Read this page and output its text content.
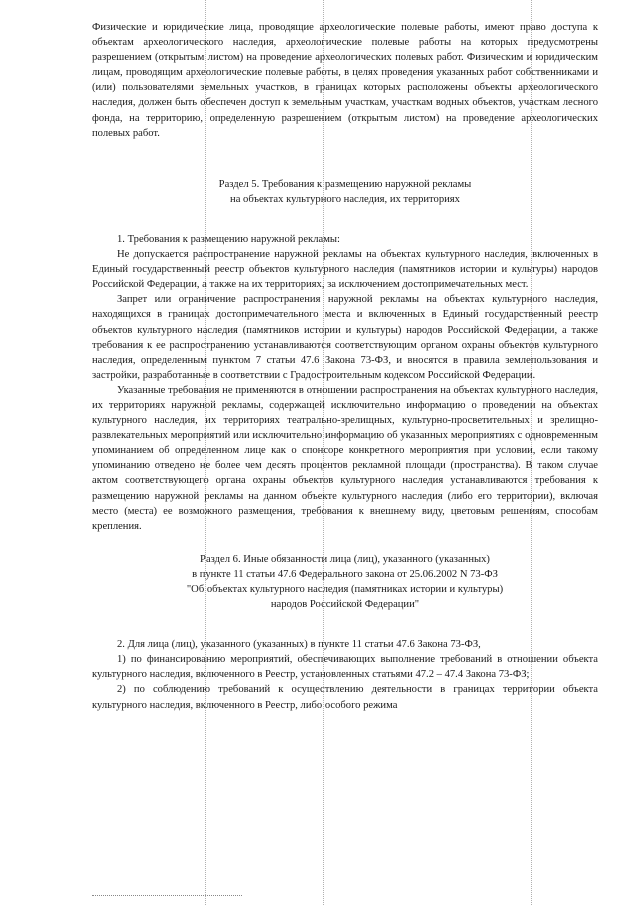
Физические и юридические лица, проводящие археологические полевые работы, имеют право доступа к объектам археологического наследия, археологические полевые работы на которых предусмотрены разрешением (открытым листом) на проведение археологических полевых работ. Физическим и юридическим лицам, проводящим археологические полевые работы, в целях проведения указанных работ собственниками и (или) пользователями земельных участков, в границах которых расположены объекты археологического наследия, должен быть обеспечен доступ к земельным участкам, участкам водных объектов, участкам лесного фонда, на территорию, определенную разрешением (открытым листом) на проведение археологических полевых работ.

Раздел 5. Требования к размещению наружной рекламы
на объектах культурного наследия, их территориях

1. Требования к размещению наружной рекламы:

Не допускается распространение наружной рекламы на объектах культурного наследия, включенных в Единый государственный реестр объектов культурного наследия (памятников истории и культуры) народов Российской Федерации, а также на их территориях, за исключением достопримечательных мест.

Запрет или ограничение распространения наружной рекламы на объектах культурного наследия, находящихся в границах достопримечательного места и включенных в Единый государственный реестр объектов культурного наследия (памятников истории и культуры) народов Российской Федерации, а также требования к ее распространению устанавливаются соответствующим органом охраны объектов культурного наследия, определенным пунктом 7 статьи 47.6 Закона 73-ФЗ, и вносятся в правила землепользования и застройки, разработанные в соответствии с Градостроительным кодексом Российской Федерации.

Указанные требования не применяются в отношении распространения на объектах культурного наследия, их территориях наружной рекламы, содержащей исключительно информацию о проведении на объектах культурного наследия, их территориях театрально-зрелищных, культурно-просветительных и зрелищно-развлекательных мероприятий или исключительно информацию об указанных мероприятиях с одновременным упоминанием об определенном лице как о спонсоре конкретного мероприятия при условии, если такому упоминанию отведено не более чем десять процентов рекламной площади (пространства). В таком случае актом соответствующего органа охраны объектов культурного наследия устанавливаются требования к размещению наружной рекламы на данном объекте культурного наследия (либо его территории), включая место (места) ее возможного размещения, требования к внешнему виду, цветовым решениям, способам крепления.

Раздел 6. Иные обязанности лица (лиц), указанного (указанных)
в пункте 11 статьи 47.6 Федерального закона от 25.06.2002 N 73-ФЗ
"Об объектах культурного наследия (памятниках истории и культуры)
народов Российской Федерации"

2. Для лица (лиц), указанного (указанных) в пункте 11 статьи 47.6 Закона 73-ФЗ,

1) по финансированию мероприятий, обеспечивающих выполнение требований в отношении объекта культурного наследия, включенного в Реестр, установленных статьями 47.2 – 47.4 Закона 73-ФЗ;

2) по соблюдению требований к осуществлению деятельности в границах территории объекта культурного наследия, включенного в Реестр, либо особого режима
